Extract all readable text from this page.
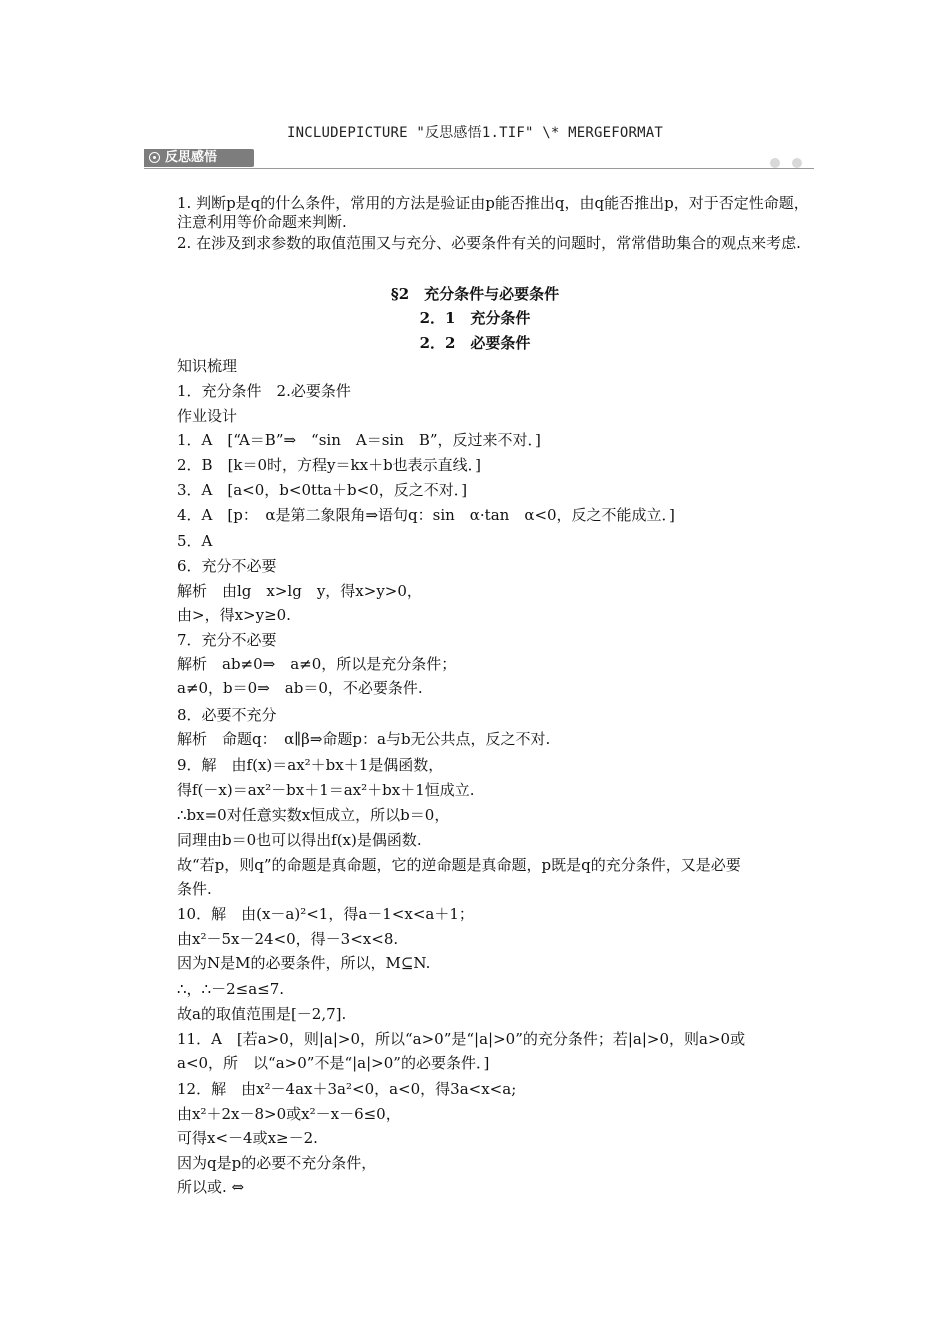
INCLUDEPICTURE "反思感悟1.TIF" \* MERGEFORMAT
反思感悟

1. 判断p是q的什么条件，常用的方法是验证由p能否推出q，由q能否推出p，对于否定性命题，注意利用等价命题来判断.

2. 在涉及到求参数的取值范围又与充分、必要条件有关的问题时，常常借助集合的观点来考虑.

§2　充分条件与必要条件
2．1　充分条件
2．2　必要条件
知识梳理
1．充分条件　2.必要条件
作业设计
1．A　[“A＝B”⇒　“sin　A＝sin　B”，反过来不对．]
2．B　[k＝0时，方程y＝kx＋b也表示直线．]
3．A　[a<0，b<0tta＋b<0，反之不对．]
4．A　[p：　α是第二象限角⇒语句q：sin　α·tan　α<0，反之不能成立．]
5．A
6．充分不必要
解析　由lg　x>lg　y，得x>y>0，
由>，得x>y≥0.
7．充分不必要
解析　ab≠0⇒　a≠0，所以是充分条件；
a≠0，b＝0⇒　ab＝0，不必要条件.
8．必要不充分
解析　命题q：　α∥β⇒命题p：a与b无公共点，反之不对.
9．解　由f(x)＝ax²＋bx＋1是偶函数，
得f(－x)＝ax²－bx＋1＝ax²＋bx＋1恒成立.
∴bx=0对任意实数x恒成立，所以b＝0，
同理由b＝0也可以得出f(x)是偶函数.
故“若p，则q”的命题是真命题，它的逆命题是真命题，p既是q的充分条件，又是必要
条件.
10．解　由(x－a)²<1，得a－1<x<a＋1；
由x²－5x－24<0，得－3<x<8.
因为N是M的必要条件，所以，M⊆N.
∴，∴－2≤a≤7.
故a的取值范围是[－2,7].
11．A　[若a>0，则|a|>0，所以“a>0”是“|a|>0”的充分条件；若|a|>0，则a>0或
a<0，所　以“a>0”不是“|a|>0”的必要条件．]
12．解　由x²－4ax＋3a²<0，a<0，得3a<x<a;
由x²＋2x－8>0或x²－x－6≤0，
可得x<－4或x≥－2.
因为q是p的必要不充分条件，
所以或. ⇔
